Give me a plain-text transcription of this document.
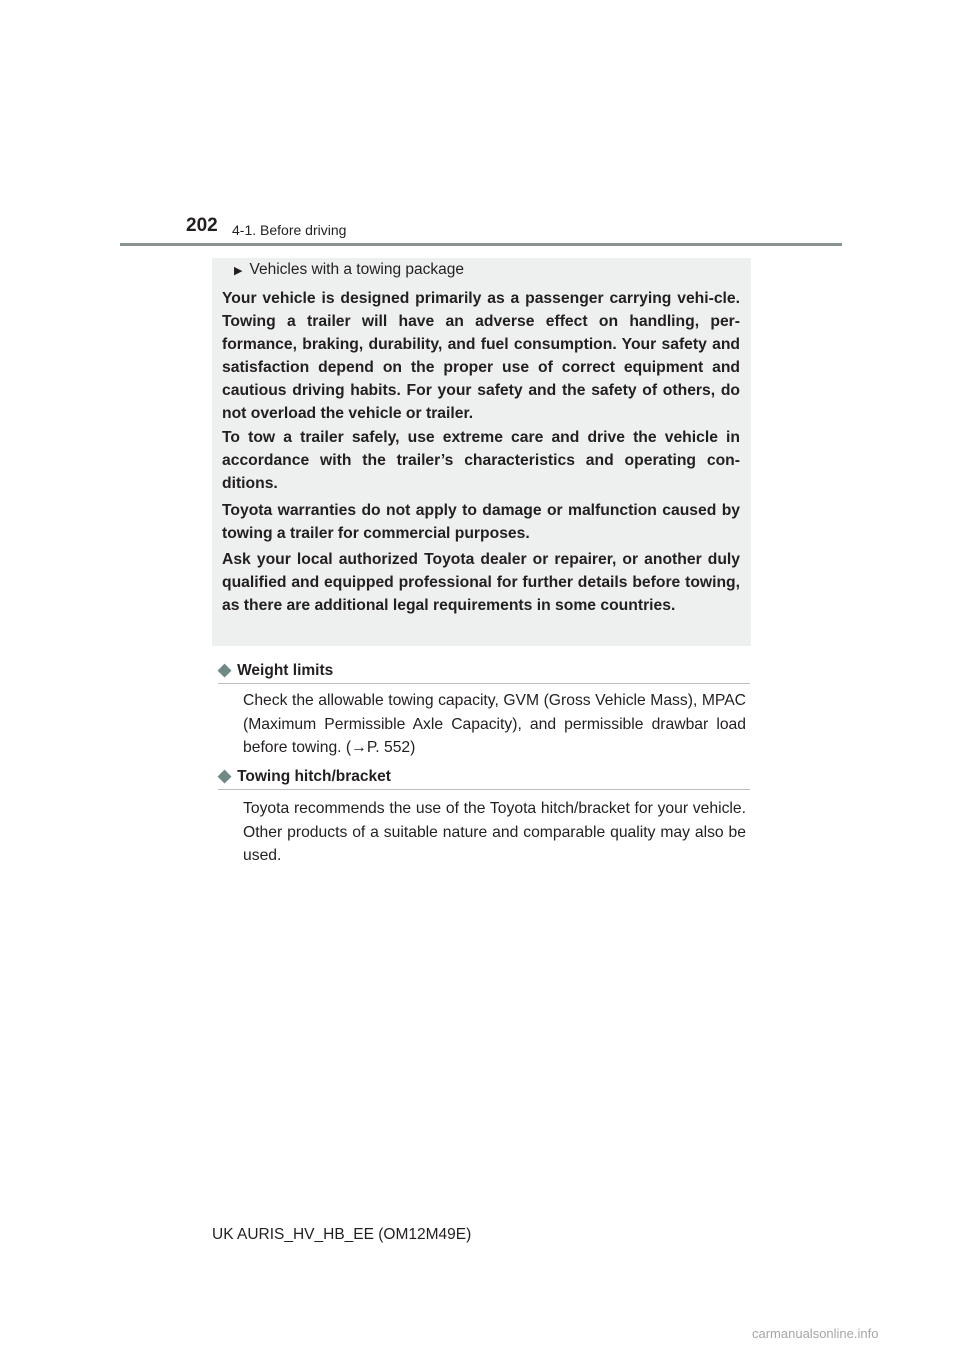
202 4-1. Before driving
▶ Vehicles with a towing package
Your vehicle is designed primarily as a passenger carrying vehi-cle. Towing a trailer will have an adverse effect on handling, per-formance, braking, durability, and fuel consumption. Your safety and satisfaction depend on the proper use of correct equipment and cautious driving habits. For your safety and the safety of others, do not overload the vehicle or trailer.
To tow a trailer safely, use extreme care and drive the vehicle in accordance with the trailer’s characteristics and operating con-ditions.
Toyota warranties do not apply to damage or malfunction caused by towing a trailer for commercial purposes.
Ask your local authorized Toyota dealer or repairer, or another duly qualified and equipped professional for further details before towing, as there are additional legal requirements in some countries.
◆ Weight limits
Check the allowable towing capacity, GVM (Gross Vehicle Mass), MPAC (Maximum Permissible Axle Capacity), and permissible drawbar load before towing. (→P. 552)
◆ Towing hitch/bracket
Toyota recommends the use of the Toyota hitch/bracket for your vehicle. Other products of a suitable nature and comparable quality may also be used.
UK AURIS_HV_HB_EE (OM12M49E)
carmanualsonline.info
